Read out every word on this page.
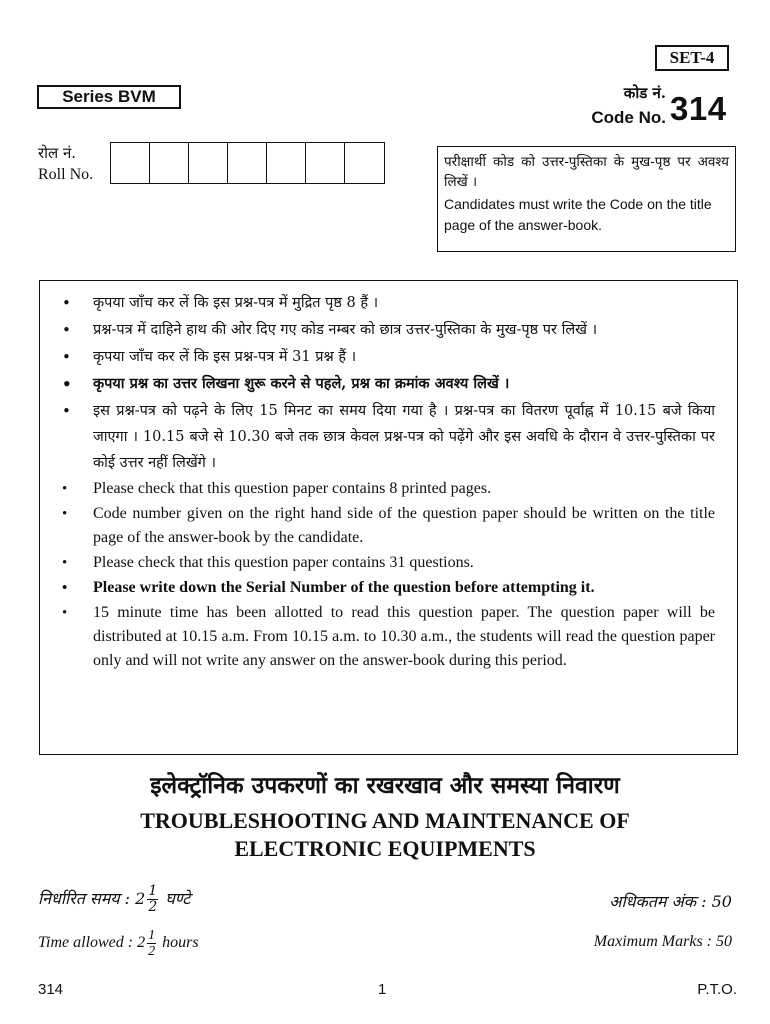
SET-4
Series BVM	कोड नं.
Code No. 314
रोल नं.
Roll No.
परीक्षार्थी कोड को उत्तर-पुस्तिका के मुख-पृष्ठ पर अवश्य लिखें ।
Candidates must write the Code on the title page of the answer-book.
• कृपया जाँच कर लें कि इस प्रश्न-पत्र में मुद्रित पृष्ठ 8 हैं ।
• प्रश्न-पत्र में दाहिने हाथ की ओर दिए गए कोड नम्बर को छात्र उत्तर-पुस्तिका के मुख-पृष्ठ पर लिखें ।
• कृपया जाँच कर लें कि इस प्रश्न-पत्र में 31 प्रश्न हैं ।
• कृपया प्रश्न का उत्तर लिखना शुरू करने से पहले, प्रश्न का क्रमांक अवश्य लिखें ।
• इस प्रश्न-पत्र को पढ़ने के लिए 15 मिनट का समय दिया गया है । प्रश्न-पत्र का वितरण पूर्वाह्न में 10.15 बजे किया जाएगा । 10.15 बजे से 10.30 बजे तक छात्र केवल प्रश्न-पत्र को पढ़ेंगे और इस अवधि के दौरान वे उत्तर-पुस्तिका पर कोई उत्तर नहीं लिखेंगे ।
• Please check that this question paper contains 8 printed pages.
• Code number given on the right hand side of the question paper should be written on the title page of the answer-book by the candidate.
• Please check that this question paper contains 31 questions.
• Please write down the Serial Number of the question before attempting it.
• 15 minute time has been allotted to read this question paper. The question paper will be distributed at 10.15 a.m. From 10.15 a.m. to 10.30 a.m., the students will read the question paper only and will not write any answer on the answer-book during this period.
इलेक्ट्रॉनिक उपकरणों का रखरखाव और समस्या निवारण
TROUBLESHOOTING AND MAINTENANCE OF
ELECTRONIC EQUIPMENTS
निर्धारित समय : $2 \frac{1}{2}$ घण्टे
Time allowed : $2 \frac{1}{2}$ hours
अधिकतम अंक : 50
Maximum Marks : 50
314	1	P.T.O.
